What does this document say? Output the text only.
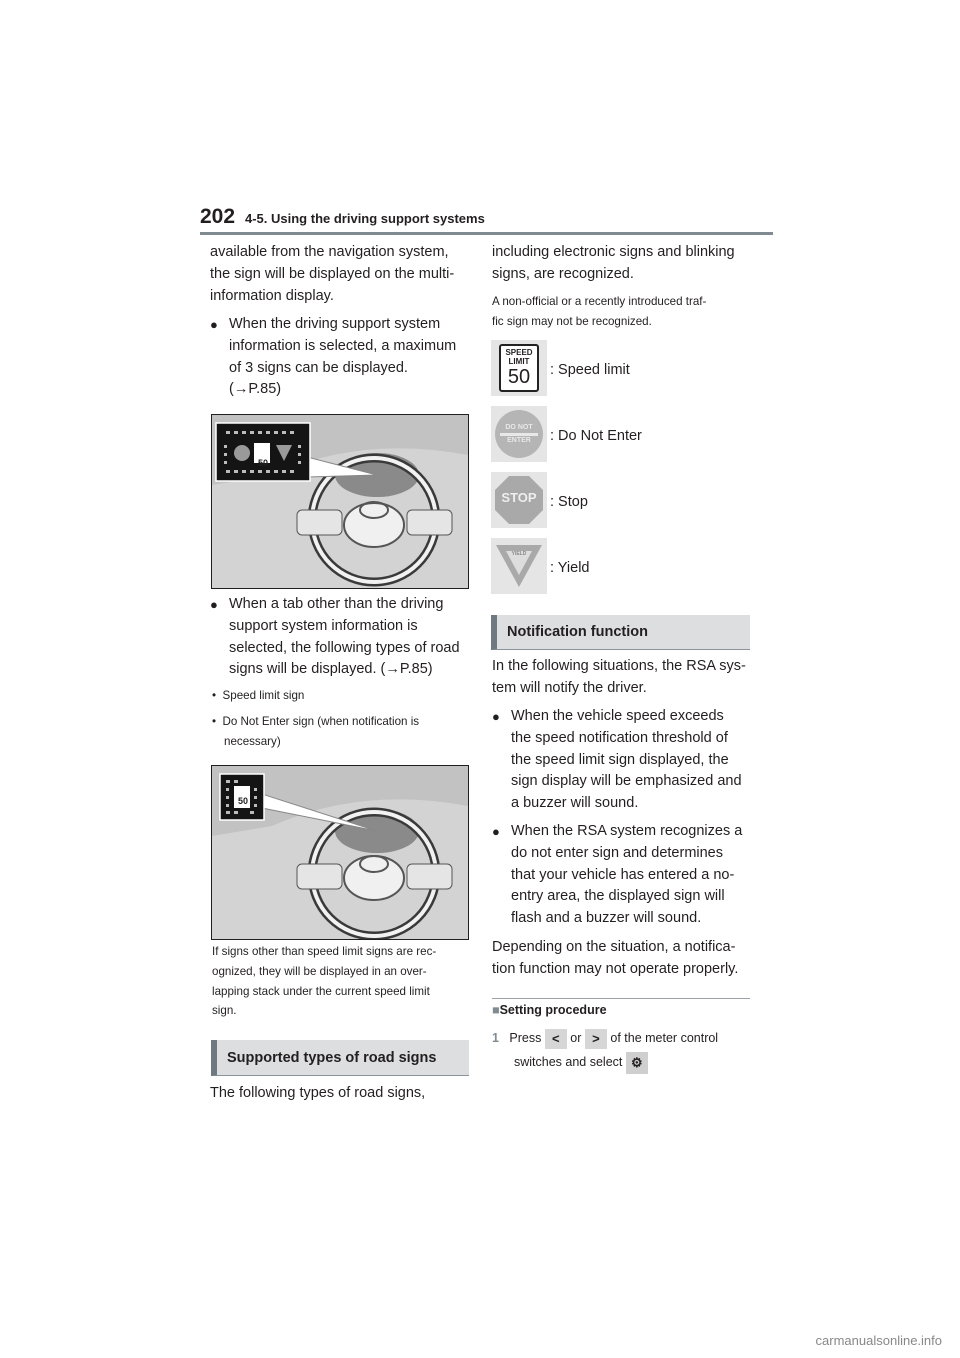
202 4-5. Using the driving support systems
available from the navigation system,
the sign will be displayed on the multi-
information display.
● When the driving support system
information is selected, a maximum
of 3 signs can be displayed.
(→P.85)
50
● When a tab other than the driving
support system information is
selected, the following types of road
signs will be displayed. (→P.85)
• Speed limit sign
• Do Not Enter sign (when notification is
necessary)
50
If signs other than speed limit signs are rec-
ognized, they will be displayed in an over-
lapping stack under the current speed limit
sign.
Supported types of road signs
The following types of road signs,
including electronic signs and blinking
signs, are recognized.
A non-official or a recently introduced traf-
fic sign may not be recognized.
SPEED
LIMIT
50	: Speed limit
DO NOT
ENTER : Do Not Enter
STOP : Stop
YIELD
: Yield
Notification function
In the following situations, the RSA sys-
tem will notify the driver.
● When the vehicle speed exceeds
the speed notification threshold of
the speed limit sign displayed, the
sign display will be emphasized and
a buzzer will sound.
● When the RSA system recognizes a
do not enter sign and determines
that your vehicle has entered a no-
entry area, the displayed sign will
flash and a buzzer will sound.
Depending on the situation, a notifica-
tion function may not operate properly.
■Setting procedure
1 Press < or > of the meter control
switches and select ⚙
carmanualsonline.info
